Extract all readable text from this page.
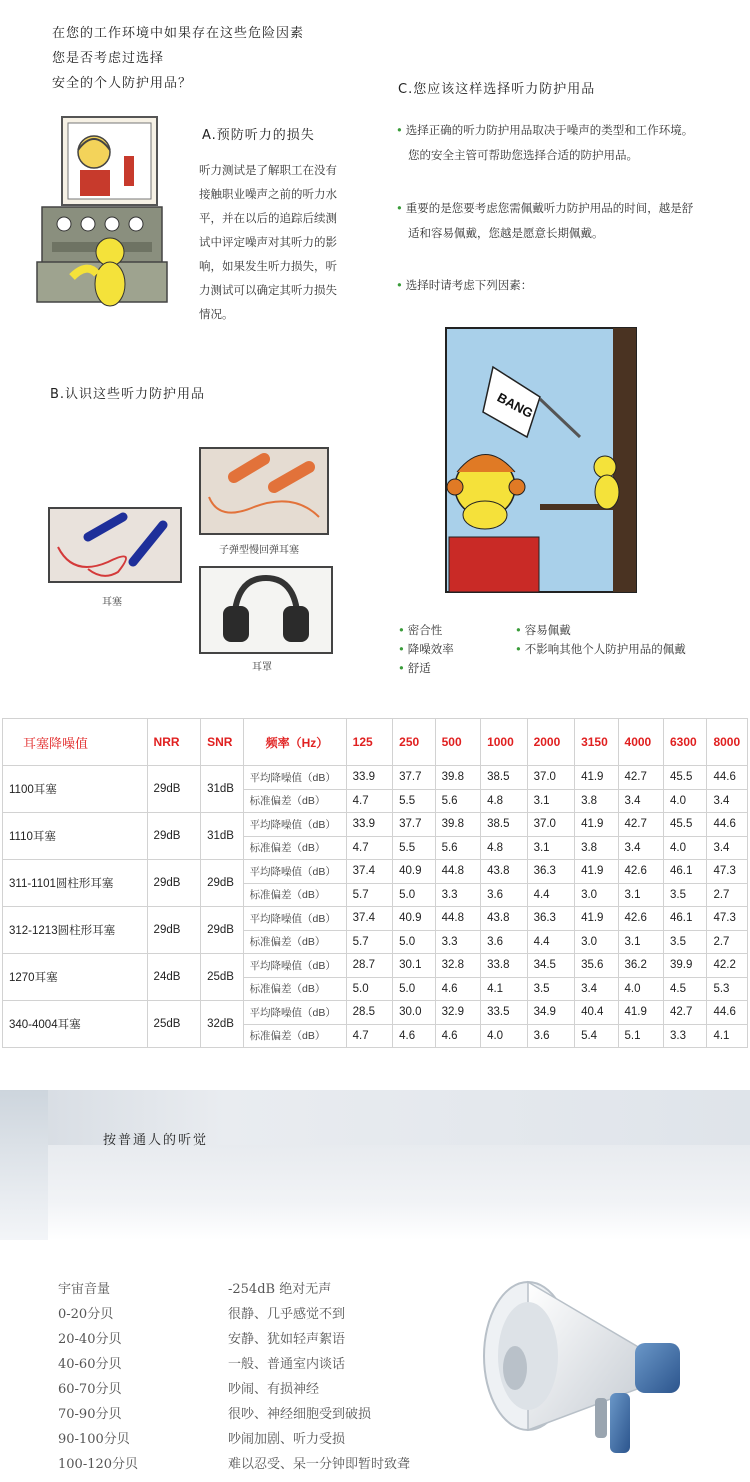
在您的工作环境中如果存在这些危险因素
您是否考虑过选择
安全的个人防护用品？
A.预防听力的损失
听力测试是了解职工在没有
接触职业噪声之前的听力水
平，并在以后的追踪后续测
试中评定噪声对其听力的影
响，如果发生听力损失，听
力测试可以确定其听力损失
情况。
B.认识这些听力防护用品
耳塞
子弹型慢回弹耳塞
耳罩
C.您应该这样选择听力防护用品
• 选择正确的听力防护用品取决于噪声的类型和工作环境。
您的安全主管可帮助您选择合适的防护用品。
• 重要的是您要考虑您需佩戴听力防护用品的时间，越是舒
适和容易佩戴，您越是愿意长期佩戴。
• 选择时请考虑下列因素：
BANG
• 密合性
• 降噪效率
• 舒适
• 容易佩戴
• 不影响其他个人防护用品的佩戴
耳塞降噪值	NRR	SNR	频率（Hz）	125	250	500	1000	2000	3150	4000	6300	8000
1100耳塞	29dB	31dB	平均降噪值（dB）	33.9	37.7	39.8	38.5	37.0	41.9	42.7	45.5	44.6
			标准偏差（dB）	4.7	5.5	5.6	4.8	3.1	3.8	3.4	4.0	3.4
1110耳塞	29dB	31dB	平均降噪值（dB）	33.9	37.7	39.8	38.5	37.0	41.9	42.7	45.5	44.6
			标准偏差（dB）	4.7	5.5	5.6	4.8	3.1	3.8	3.4	4.0	3.4
311-1101圆柱形耳塞	29dB	29dB	平均降噪值（dB）	37.4	40.9	44.8	43.8	36.3	41.9	42.6	46.1	47.3
			标准偏差（dB）	5.7	5.0	3.3	3.6	4.4	3.0	3.1	3.5	2.7
312-1213圆柱形耳塞	29dB	29dB	平均降噪值（dB）	37.4	40.9	44.8	43.8	36.3	41.9	42.6	46.1	47.3
			标准偏差（dB）	5.7	5.0	3.3	3.6	4.4	3.0	3.1	3.5	2.7
1270耳塞	24dB	25dB	平均降噪值（dB）	28.7	30.1	32.8	33.8	34.5	35.6	36.2	39.9	42.2
			标准偏差（dB）	5.0	5.0	4.6	4.1	3.5	3.4	4.0	4.5	5.3
340-4004耳塞	25dB	32dB	平均降噪值（dB）	28.5	30.0	32.9	33.5	34.9	40.4	41.9	42.7	44.6
			标准偏差（dB）	4.7	4.6	4.6	4.0	3.6	5.4	5.1	3.3	4.1
按普通人的听觉
宇宙音量	-254dB 绝对无声
0-20分贝	很静、几乎感觉不到
20-40分贝	安静、犹如轻声絮语
40-60分贝	一般、普通室内谈话
60-70分贝	吵闹、有损神经
70-90分贝	很吵、神经细胞受到破损
90-100分贝	吵闹加剧、听力受损
100-120分贝	难以忍受、呆一分钟即暂时致聋
